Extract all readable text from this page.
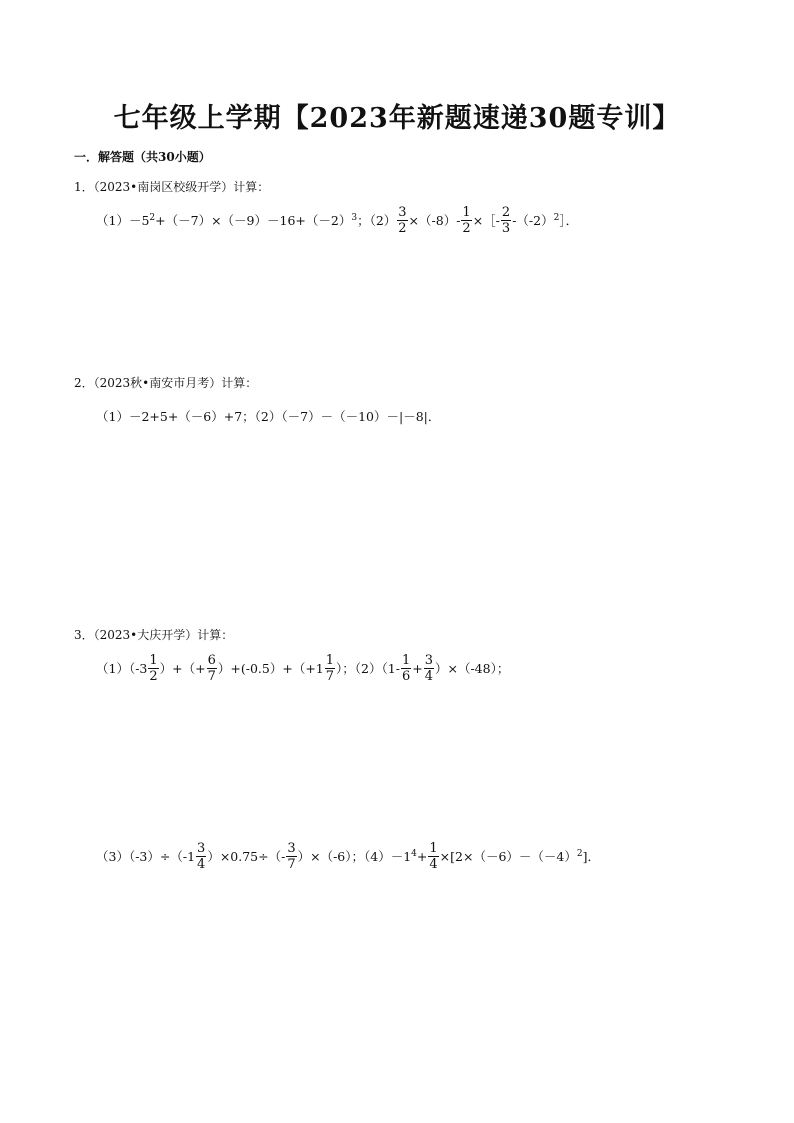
七年级上学期【2023年新题速递30题专训】
一．解答题（共30小题）
1．（2023•南岗区校级开学）计算：
$(1)-5^2 +(-7)\times(-9)-16+(-2)^3$ ；$(2) \frac{3}{2} \times(-8)- \frac{1}{2}$ ×［- $\frac{2}{3} -(-2)^2$ ］．
2．（2023秋•南安市月考）计算：
（1）－2+5+（－6）+7；（2）（－7）－（－10）－|－8|．
3．（2023•大庆开学）计算：
$(1)(-3 \frac{1}{2}$ ）+（+ $\frac{6}{7} )+(-0.5)+(+1 \frac{1}{7}$ ）；$(2)(1- \frac{1}{6} + \frac{3}{4} )\times(-48)$；
$(3)(-3)\div(-1 \frac{3}{4} )\times 0.75\div(- \frac{3}{7} )\times(-6)$；$(4)-1^4 + \frac{1}{4} \times[2\times(-6)-(-4)^2$ ]．
